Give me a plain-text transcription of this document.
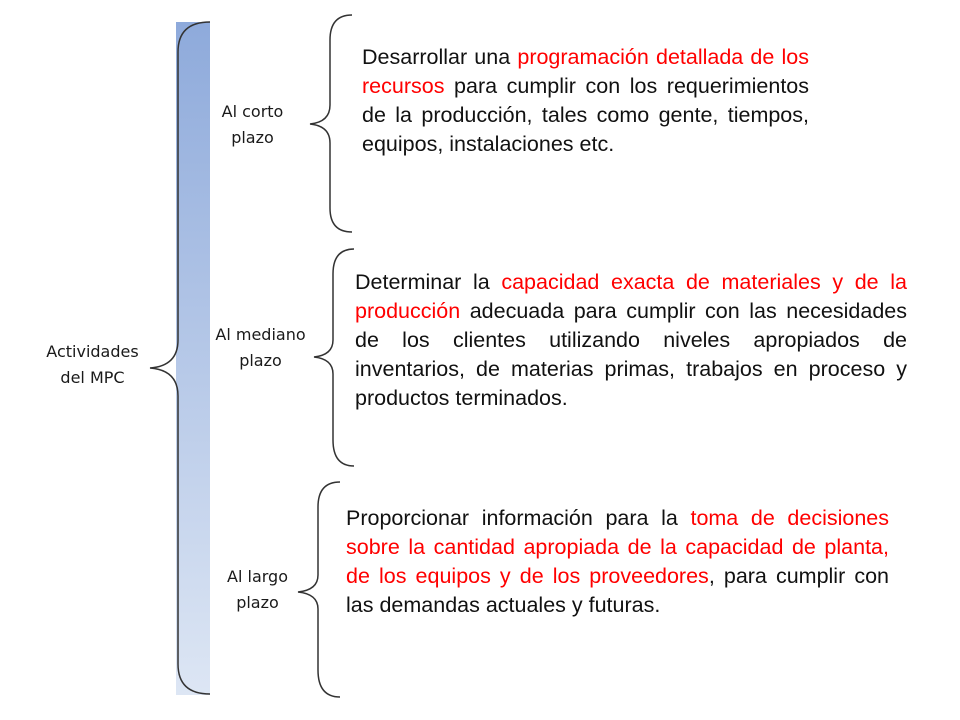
Actividades
del MPC
Al corto
plazo
Al mediano
plazo
Al largo
plazo
Desarrollar una programación detallada de los recursos para cumplir con los requerimientos de la producción, tales como gente, tiempos, equipos, instalaciones etc.
Determinar la capacidad exacta de materiales y de la producción adecuada para cumplir con las necesidades de los clientes utilizando niveles apropiados de inventarios, de materias primas, trabajos en proceso y productos terminados.
Proporcionar información para la toma de decisiones sobre la cantidad apropiada de la capacidad de planta, de los equipos y de los proveedores, para cumplir con las demandas actuales y futuras.
